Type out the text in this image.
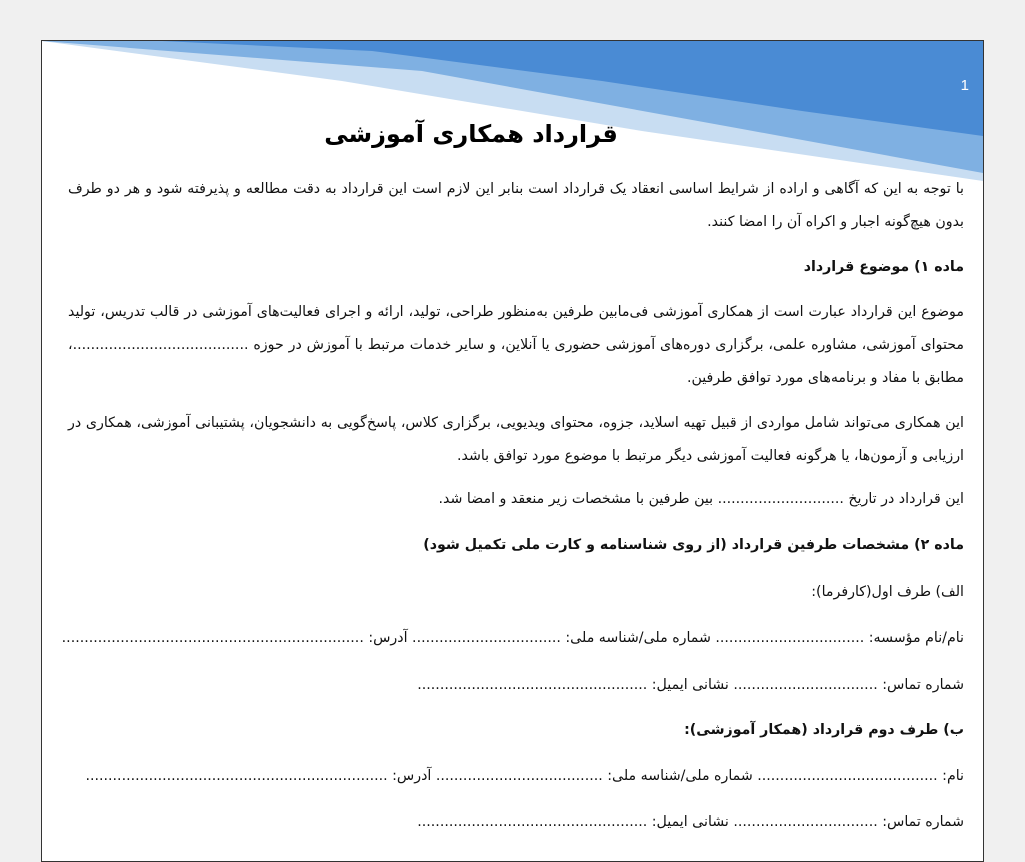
1
قرارداد همکاری آموزشی

با توجه به این که آگاهی و اراده از شرایط اساسی انعقاد یک قرارداد است بنابر این لازم است این قرارداد به دقت مطالعه و پذیرفته شود و هر دو طرف بدون هیچ‌گونه اجبار و اکراه آن را امضا کنند.

ماده ۱) موضوع قرارداد

موضوع این قرارداد عبارت است از همکاری آموزشی فی‌مابین طرفین به‌منظور طراحی، تولید، ارائه و اجرای فعالیت‌های آموزشی در قالب تدریس، تولید محتوای آموزشی، مشاوره علمی، برگزاری دوره‌های آموزشی حضوری یا آنلاین، و سایر خدمات مرتبط با آموزش در حوزه .......................................، مطابق با مفاد و برنامه‌های مورد توافق طرفین.

این همکاری می‌تواند شامل مواردی از قبیل تهیه اسلاید، جزوه، محتوای ویدیویی، برگزاری کلاس، پاسخ‌گویی به دانشجویان، پشتیبانی آموزشی، همکاری در ارزیابی و آزمون‌ها، یا هرگونه فعالیت آموزشی دیگر مرتبط با موضوع مورد توافق باشد.

این قرارداد در تاریخ ............................ بین طرفین با مشخصات زیر منعقد و امضا شد.

ماده ۲) مشخصات طرفین قرارداد (از روی شناسنامه و کارت ملی تکمیل شود)

الف) طرف اول(کارفرما):

نام/نام مؤسسه: ................................. شماره ملی/شناسه ملی: ................................. آدرس: ...................................................................

شماره تماس: ................................ نشانی ایمیل: ...................................................

ب) طرف دوم قرارداد (همکار آموزشی):

نام: ........................................ شماره ملی/شناسه ملی: ..................................... آدرس: ...................................................................

شماره تماس: ................................ نشانی ایمیل: ...................................................
